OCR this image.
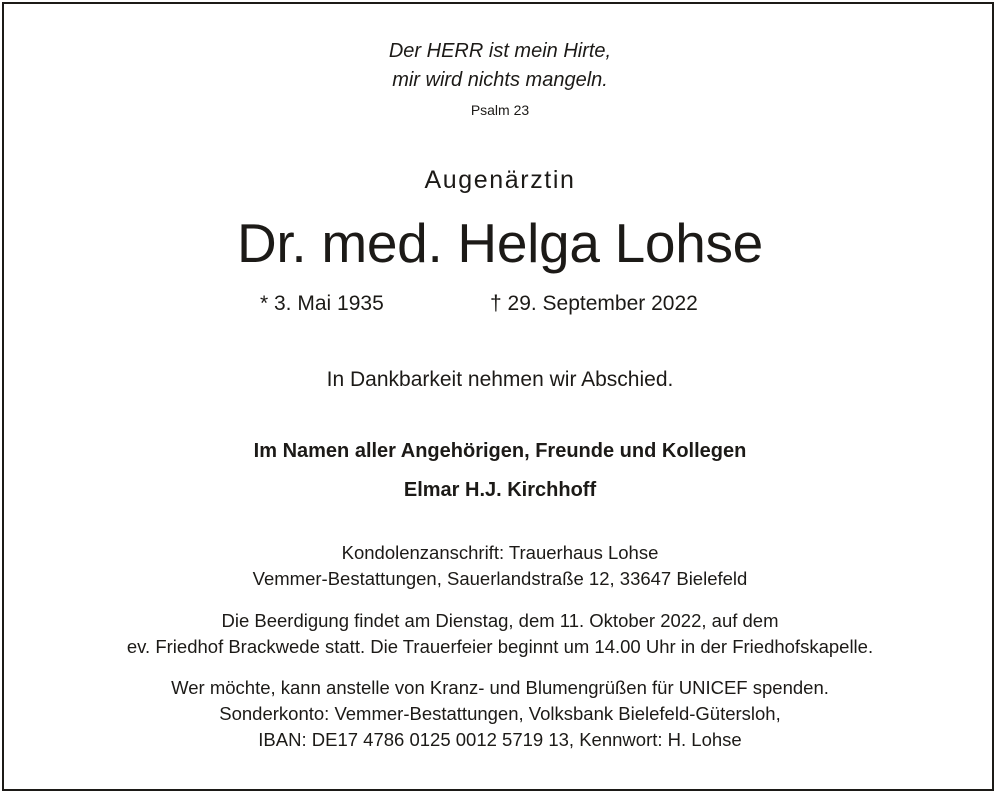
Der HERR ist mein Hirte,

mir wird nichts mangeln.

Psalm 23

Augenärztin

Dr. med. Helga Lohse
* 3. Mai 1935	† 29. September 2022

In Dankbarkeit nehmen wir Abschied.

Im Namen aller Angehörigen, Freunde und Kollegen

Elmar H.J. Kirchhoff

Kondolenzanschrift: Trauerhaus Lohse

Vemmer-Bestattungen, Sauerlandstraße 12, 33647 Bielefeld

Die Beerdigung findet am Dienstag, dem 11. Oktober 2022, auf dem

ev. Friedhof Brackwede statt. Die Trauerfeier beginnt um 14.00 Uhr in der Friedhofskapelle.

Wer möchte, kann anstelle von Kranz- und Blumengrüßen für UNICEF spenden.

Sonderkonto: Vemmer-Bestattungen, Volksbank Bielefeld-Gütersloh,

IBAN: DE17 4786 0125 0012 5719 13, Kennwort: H. Lohse
